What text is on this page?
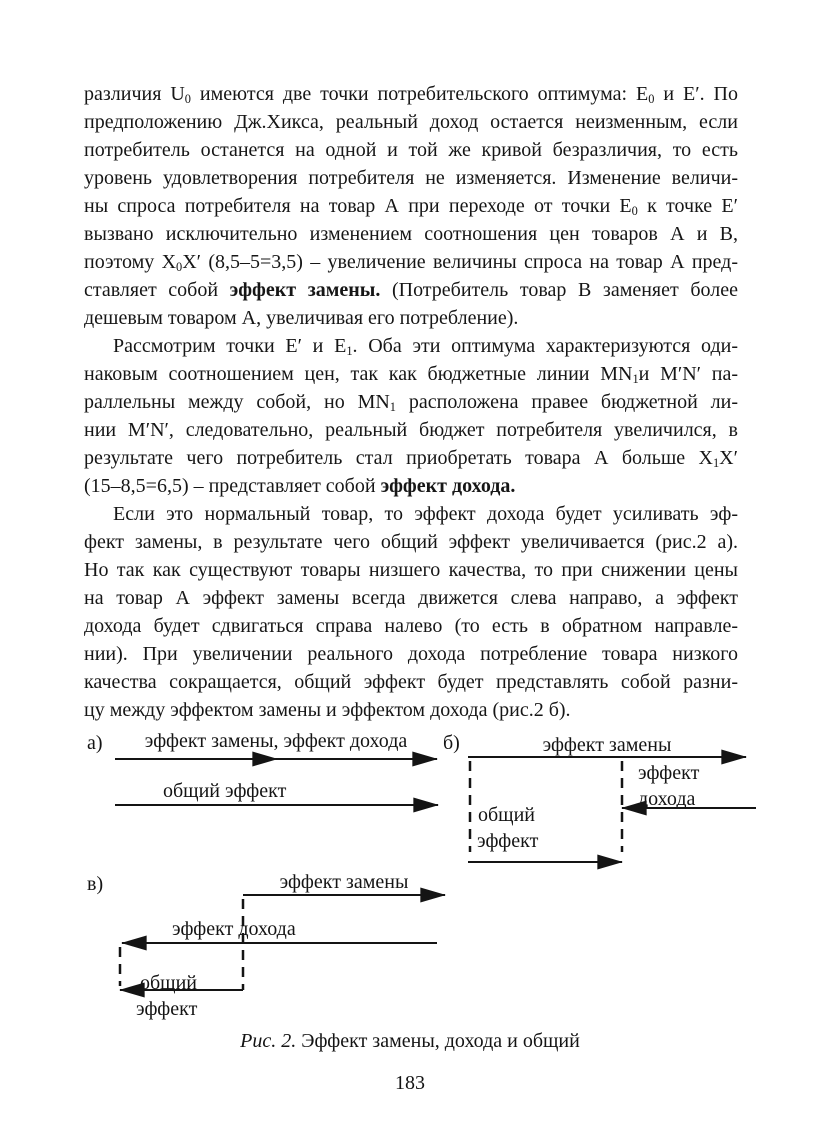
различия $U_0$ имеются две точки потребительского оптимума: $Е_0$ и Е′. По
предположению Дж.Хикса, реальный доход остается неизменным, если
потребитель останется на одной и той же кривой безразличия, то есть
уровень удовлетворения потребителя не изменяется. Изменение величи-
ны спроса потребителя на товар А при переходе от точки $Е_0$ к точке Е′
вызвано исключительно изменением соотношения цен товаров А и В,
поэтому $Х_0Х'$ (8,5–5=3,5) – увеличение величины спроса на товар А пред-
ставляет собой эффект замены. (Потребитель товар В заменяет более
дешевым товаром А, увеличивая его потребление).
Рассмотрим точки Е′ и $Е_1$. Оба эти оптимума характеризуются оди-
наковым соотношением цен, так как бюджетные линии $MN_1и$ M′N′ па-
раллельны между собой, но $MN_1$ расположена правее бюджетной ли-
нии M′N′, следовательно, реальный бюджет потребителя увеличился, в
результате чего потребитель стал приобретать товара А больше $Х_1Х'$
(15–8,5=6,5) – представляет собой эффект дохода.
Если это нормальный товар, то эффект дохода будет усиливать эф-
фект замены, в результате чего общий эффект увеличивается (рис.2 а).
Но так как существуют товары низшего качества, то при снижении цены
на товар А эффект замены всегда движется слева направо, а эффект
дохода будет сдвигаться справа налево (то есть в обратном направле-
нии). При увеличении реального дохода потребление товара низкого
качества сокращается, общий эффект будет представлять собой разни-
цу между эффектом замены и эффектом дохода (рис.2 б).
а)	эффект замены, эффект дохода
общий эффект
б)	эффект замены
эффект
дохода
общий
эффект
в)	эффект замены
эффект дохода
общий
эффект
Рис. 2. Эффект замены, дохода и общий
183
